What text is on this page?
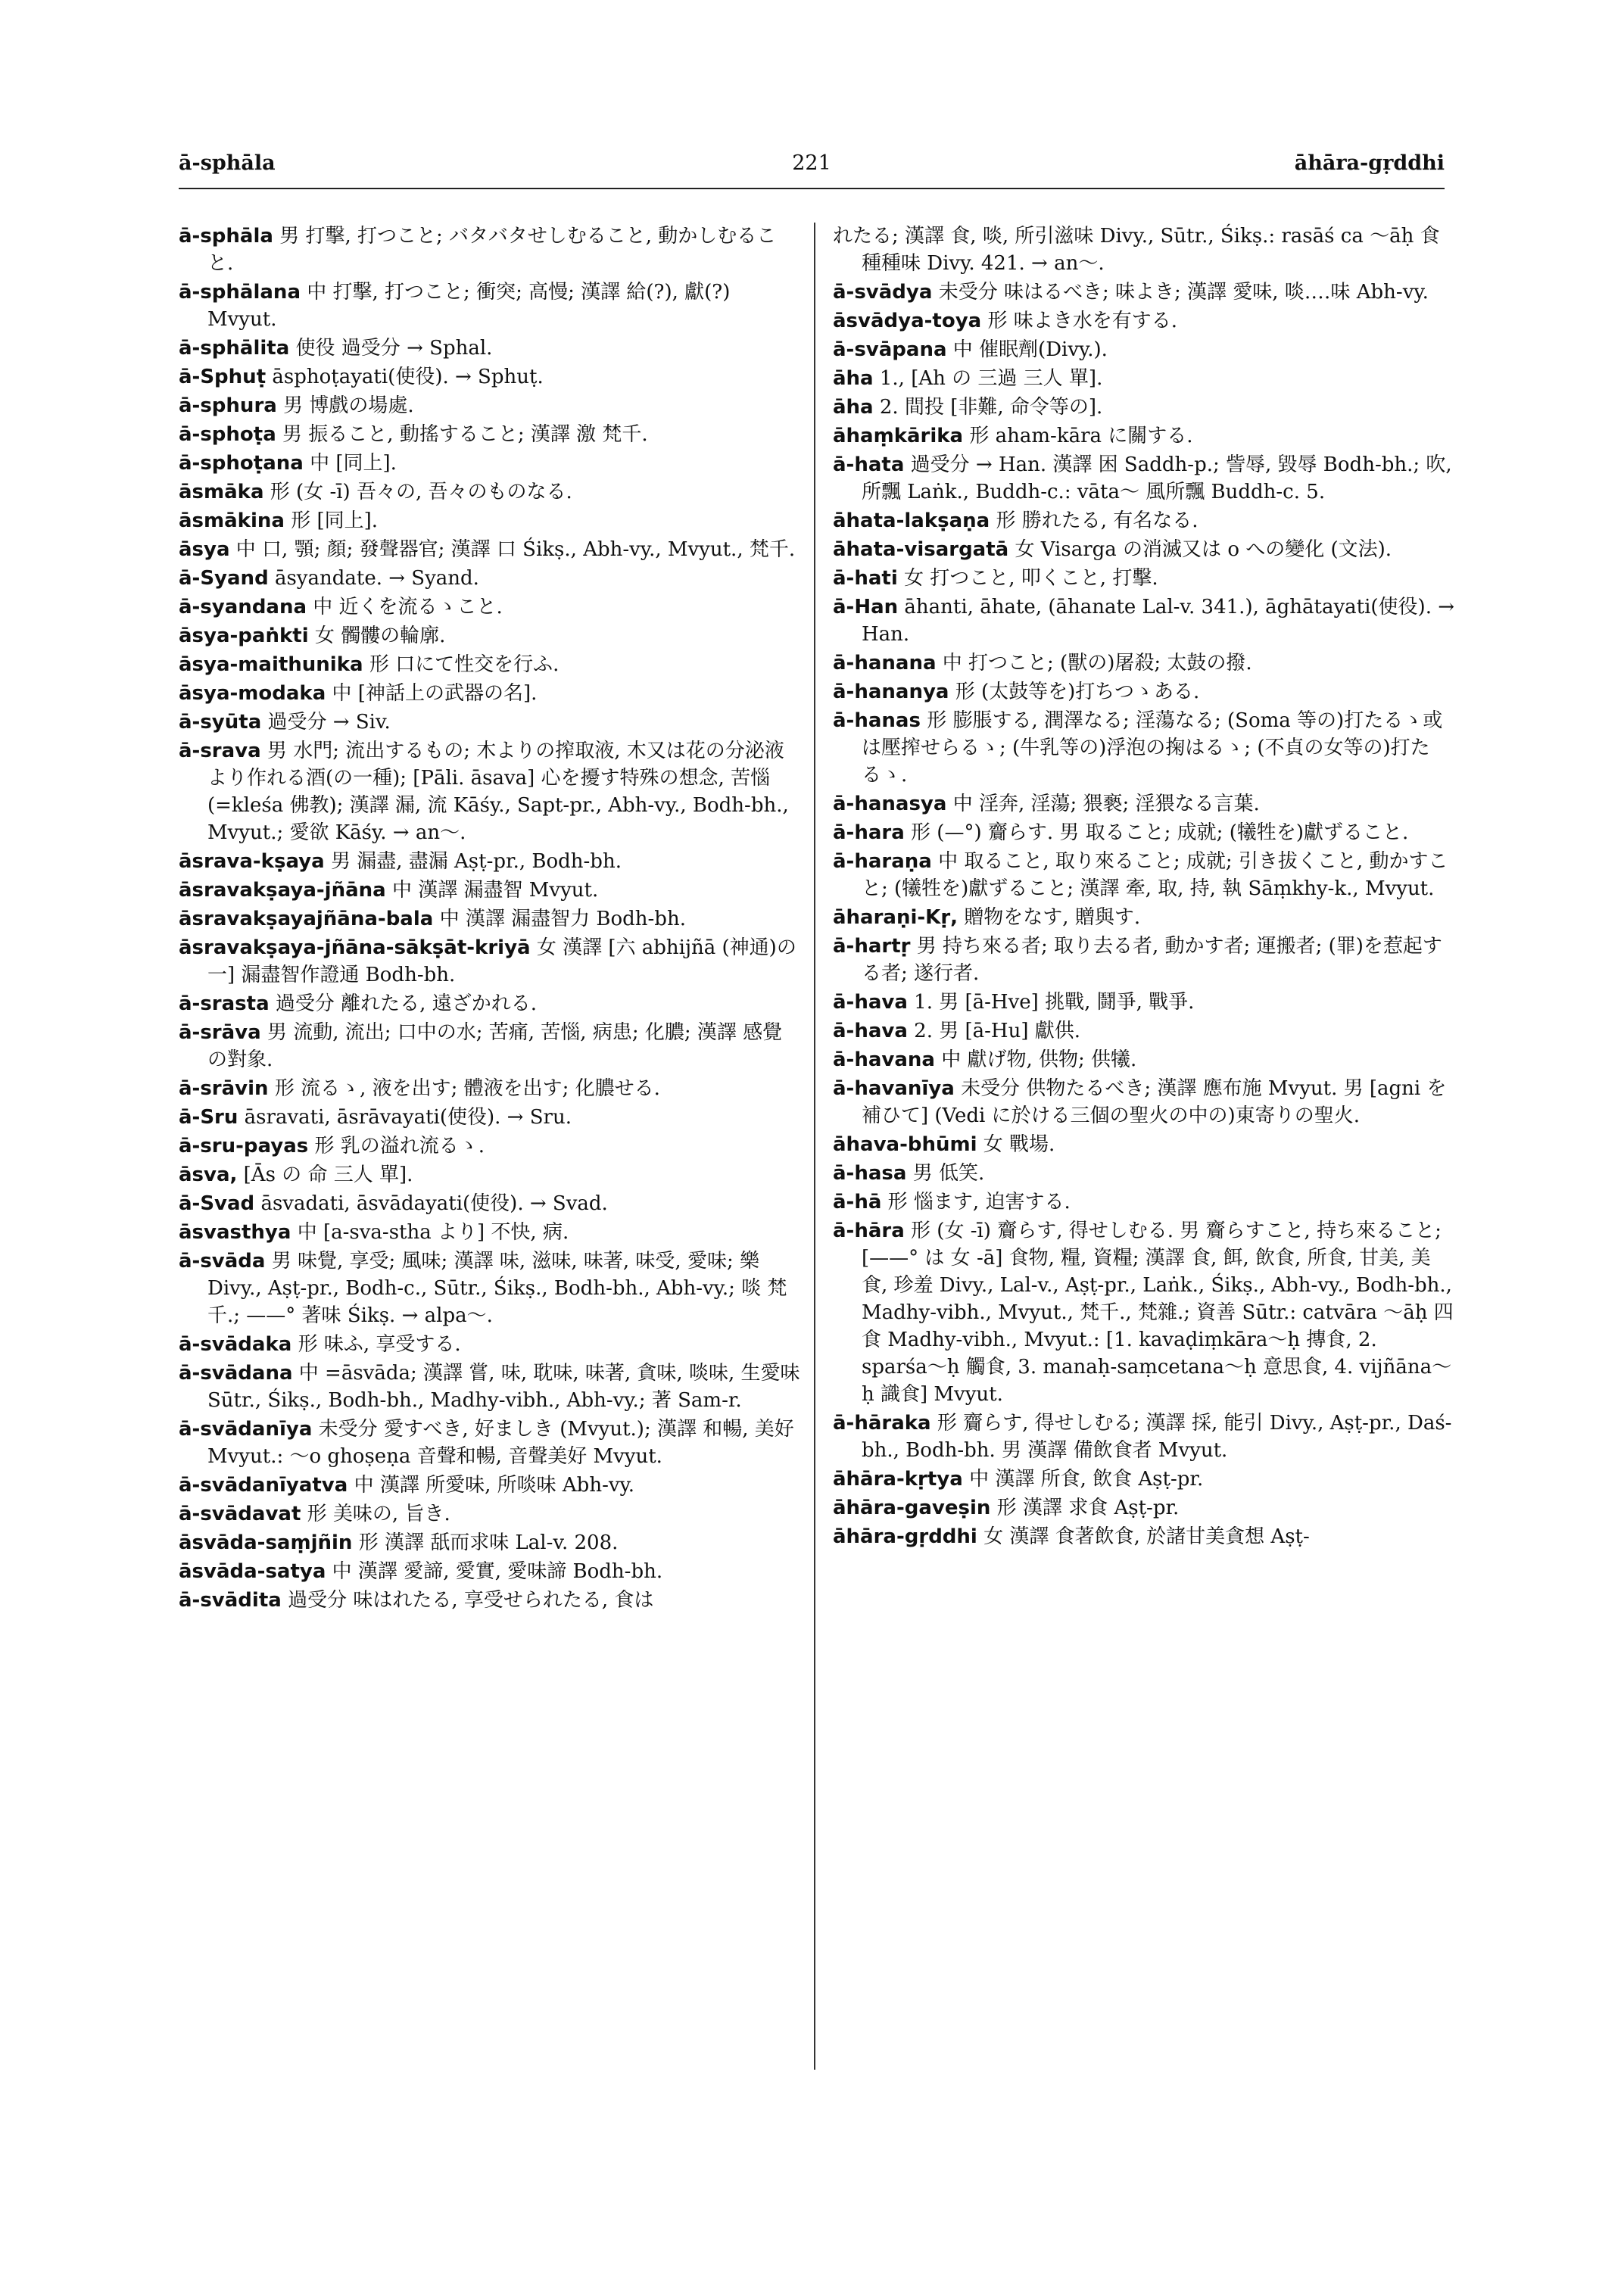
ā-sphāla	221	āhāra-gṛddhi

ā-sphāla 男 打擊, 打つこと; バタバタせしむること, 動かしむること.

ā-sphālana 中 打擊, 打つこと; 衝突; 高慢; 漢譯 給(?), 獻(?) Mvyut.

ā-sphālita 使役 過受分 → Sphal.

ā-Sphuṭ āsphoṭayati(使役). → Sphuṭ.

ā-sphura 男 博戲の場處.

ā-sphoṭa 男 振ること, 動搖すること; 漢譯 激 梵千.

ā-sphoṭana 中 [同上].

āsmāka 形 (女 -ī) 吾々の, 吾々のものなる.

āsmākina 形 [同上].

āsya 中 口, 顎; 顏; 發聲器官; 漢譯 口 Śikṣ., Abh-vy., Mvyut., 梵千.

ā-Syand āsyandate. → Syand.

ā-syandana 中 近くを流るゝこと.

āsya-paṅkti 女 髑髏の輪廓.

āsya-maithunika 形 口にて性交を行ふ.

āsya-modaka 中 [神話上の武器の名].

ā-syūta 過受分 → Siv.

ā-srava 男 水門; 流出するもの; 木よりの搾取液, 木又は花の分泌液より作れる酒(の一種); [Pāli. āsava] 心を擾す特殊の想念, 苦惱 (=kleśa 佛教); 漢譯 漏, 流 Kāśy., Sapt-pr., Abh-vy., Bodh-bh., Mvyut.; 愛欲 Kāśy. → an〜.

āsrava-kṣaya 男 漏盡, 盡漏 Aṣṭ-pr., Bodh-bh.

āsravakṣaya-jñāna 中 漢譯 漏盡智 Mvyut.

āsravakṣayajñāna-bala 中 漢譯 漏盡智力 Bodh-bh.

āsravakṣaya-jñāna-sākṣāt-kriyā 女 漢譯 [六 abhijñā (神通)の一] 漏盡智作證通 Bodh-bh.

ā-srasta 過受分 離れたる, 遠ざかれる.

ā-srāva 男 流動, 流出; 口中の水; 苦痛, 苦惱, 病患; 化膿; 漢譯 感覺の對象.

ā-srāvin 形 流るゝ, 液を出す; 體液を出す; 化膿せる.

ā-Sru āsravati, āsrāvayati(使役). → Sru.

ā-sru-payas 形 乳の溢れ流るゝ.

āsva, [Ās の 命 三人 單].

ā-Svad āsvadati, āsvādayati(使役). → Svad.

āsvasthya 中 [a-sva-stha より] 不快, 病.

ā-svāda 男 味覺, 享受; 風味; 漢譯 味, 滋味, 味著, 味受, 愛味; 樂 Divy., Aṣṭ-pr., Bodh-c., Sūtr., Śikṣ., Bodh-bh., Abh-vy.; 啖 梵千.; ——° 著味 Śikṣ. → alpa〜.

ā-svādaka 形 味ふ, 享受する.

ā-svādana 中 =āsvāda; 漢譯 嘗, 味, 耽味, 味著, 貪味, 啖味, 生愛味 Sūtr., Śikṣ., Bodh-bh., Madhy-vibh., Abh-vy.; 著 Sam-r.

ā-svādanīya 未受分 愛すべき, 好ましき (Mvyut.); 漢譯 和暢, 美好 Mvyut.: 〜o ghoṣeṇa 音聲和暢, 音聲美好 Mvyut.

ā-svādanīyatva 中 漢譯 所愛味, 所啖味 Abh-vy.

ā-svādavat 形 美味の, 旨き.

āsvāda-saṃjñin 形 漢譯 舐而求味 Lal-v. 208.

āsvāda-satya 中 漢譯 愛諦, 愛實, 愛味諦 Bodh-bh.

ā-svādita 過受分 味はれたる, 享受せられたる, 食は

れたる; 漢譯 食, 啖, 所引滋味 Divy., Sūtr., Śikṣ.: rasāś ca 〜āḥ 食種種味 Divy. 421. → an〜.

ā-svādya 未受分 味はるべき; 味よき; 漢譯 愛味, 啖‥‥味 Abh-vy.

āsvādya-toya 形 味よき水を有する.

ā-svāpana 中 催眠劑(Divy.).

āha 1., [Ah の 三過 三人 單].

āha 2. 間投 [非難, 命令等の].

āhaṃkārika 形 aham-kāra に關する.

ā-hata 過受分 → Han. 漢譯 困 Saddh-p.; 訾辱, 毀辱 Bodh-bh.; 吹, 所飄 Laṅk., Buddh-c.: vāta〜 風所飄 Buddh-c. 5.

āhata-lakṣaṇa 形 勝れたる, 有名なる.

āhata-visargatā 女 Visarga の消滅又は o への變化 (文法).

ā-hati 女 打つこと, 叩くこと, 打擊.

ā-Han āhanti, āhate, (āhanate Lal-v. 341.), āghātayati(使役). → Han.

ā-hanana 中 打つこと; (獸の)屠殺; 太鼓の撥.

ā-hananya 形 (太鼓等を)打ちつゝある.

ā-hanas 形 膨脹する, 潤澤なる; 淫蕩なる; (Soma 等の)打たるゝ或は壓搾せらるゝ; (牛乳等の)浮泡の掬はるゝ; (不貞の女等の)打たるゝ.

ā-hanasya 中 淫奔, 淫蕩; 猥褻; 淫猥なる言葉.

ā-hara 形 (—°) 齎らす. 男 取ること; 成就; (犧牲を)獻ずること.

ā-haraṇa 中 取ること, 取り來ること; 成就; 引き拔くこと, 動かすこと; (犧牲を)獻ずること; 漢譯 牽, 取, 持, 執 Sāṃkhy-k., Mvyut.

āharaṇi-Kṛ, 贈物をなす, 贈與す.

ā-hartṛ 男 持ち來る者; 取り去る者, 動かす者; 運搬者; (罪)を惹起する者; 遂行者.

ā-hava 1. 男 [ā-Hve] 挑戰, 鬪爭, 戰爭.

ā-hava 2. 男 [ā-Hu] 獻供.

ā-havana 中 獻げ物, 供物; 供犧.

ā-havanīya 未受分 供物たるべき; 漢譯 應布施 Mvyut. 男 [agni を補ひて] (Vedi に於ける三個の聖火の中の)東寄りの聖火.

āhava-bhūmi 女 戰場.

ā-hasa 男 低笑.

ā-hā 形 惱ます, 迫害する.

ā-hāra 形 (女 -ī) 齎らす, 得せしむる. 男 齎らすこと, 持ち來ること; [——° は 女 -ā] 食物, 糧, 資糧; 漢譯 食, 餌, 飲食, 所食, 甘美, 美食, 珍羞 Divy., Lal-v., Aṣṭ-pr., Laṅk., Śikṣ., Abh-vy., Bodh-bh., Madhy-vibh., Mvyut., 梵千., 梵雜.; 資善 Sūtr.: catvāra 〜āḥ 四食 Madhy-vibh., Mvyut.: [1. kavaḍiṃkāra〜ḥ 摶食, 2. sparśa〜ḥ 觸食, 3. manaḥ-saṃcetana〜ḥ 意思食, 4. vijñāna〜ḥ 識食] Mvyut.

ā-hāraka 形 齎らす, 得せしむる; 漢譯 採, 能引 Divy., Aṣṭ-pr., Daś-bh., Bodh-bh. 男 漢譯 備飲食者 Mvyut.

āhāra-kṛtya 中 漢譯 所食, 飲食 Aṣṭ-pr.

āhāra-gaveṣin 形 漢譯 求食 Aṣṭ-pr.

āhāra-gṛddhi 女 漢譯 食著飲食, 於諸甘美貪想 Aṣṭ-
